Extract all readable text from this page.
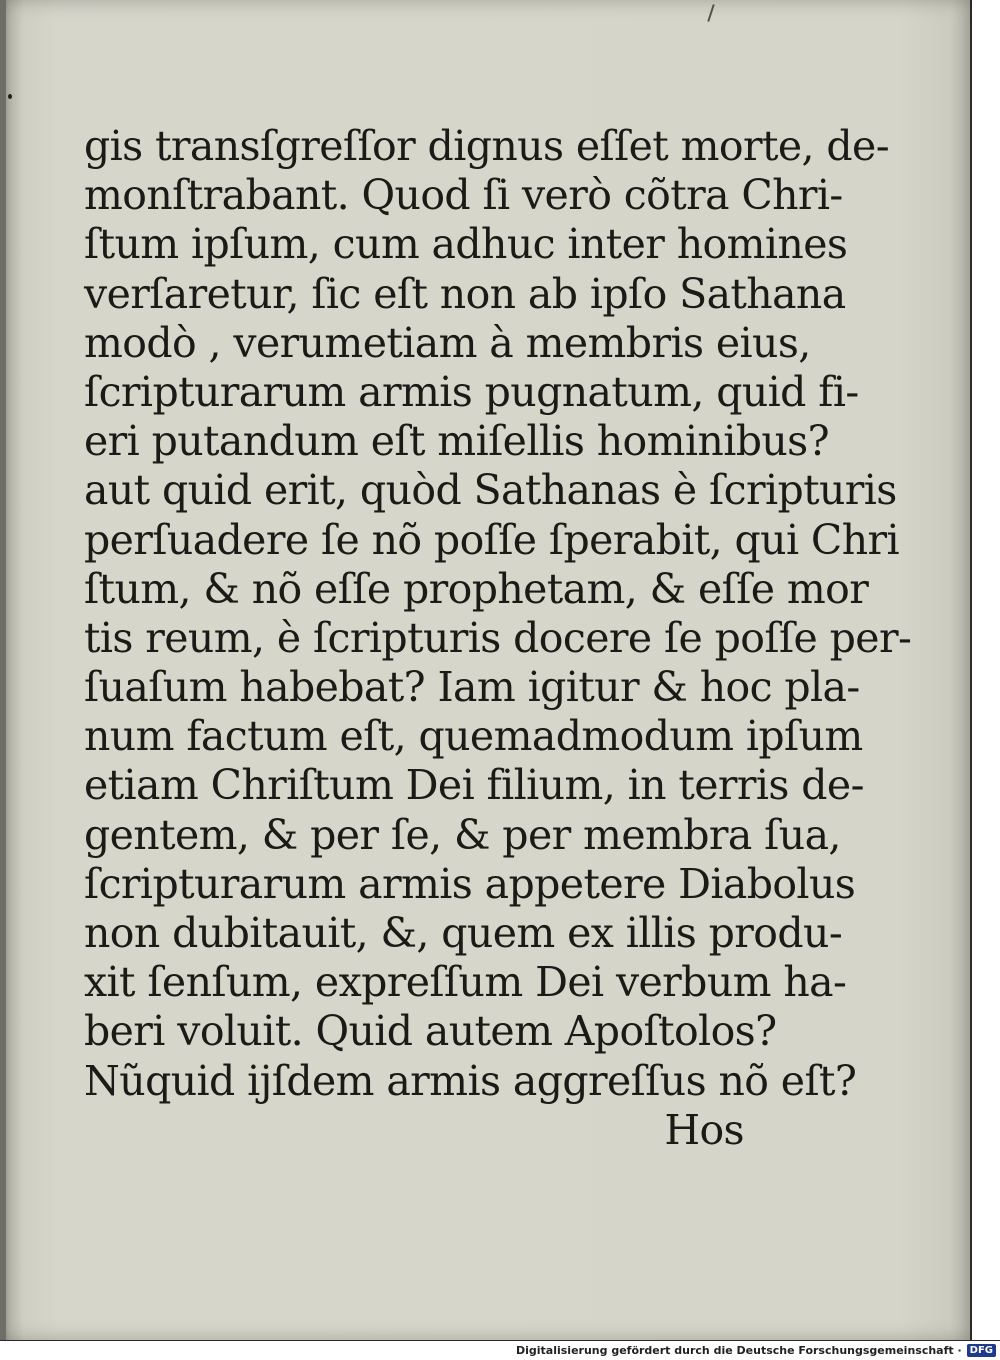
gis transſgreſſor dignus eſſet morte, de-
monſtrabant. Quod ſi verò cõtra Chri-
ſtum ipſum, cum adhuc inter homines
verſaretur, ſic eſt non ab ipſo Sathana
modò , verumetiam à membris eius,
ſcripturarum armis pugnatum, quid fi-
eri putandum eſt miſellis hominibus?
aut quid erit, quòd Sathanas è ſcripturis
perſuadere ſe nõ poſſe ſperabit, qui Chri
ſtum, & nõ eſſe prophetam, & eſſe mor
tis reum, è ſcripturis docere ſe poſſe per-
ſuaſum habebat? Iam igitur & hoc pla-
num factum eſt, quemadmodum ipſum
etiam Chriſtum Dei filium, in terris de-
gentem, & per ſe, & per membra ſua,
ſcripturarum armis appetere Diabolus
non dubitauit, &, quem ex illis produ-
xit ſenſum, expreſſum Dei verbum ha-
beri voluit. Quid autem Apoſtolos?
Nũquid ijſdem armis aggreſſus nõ eſt?
Hos
Digitalisierung gefördert durch die Deutsche Forschungsgemeinschaft · DFG
